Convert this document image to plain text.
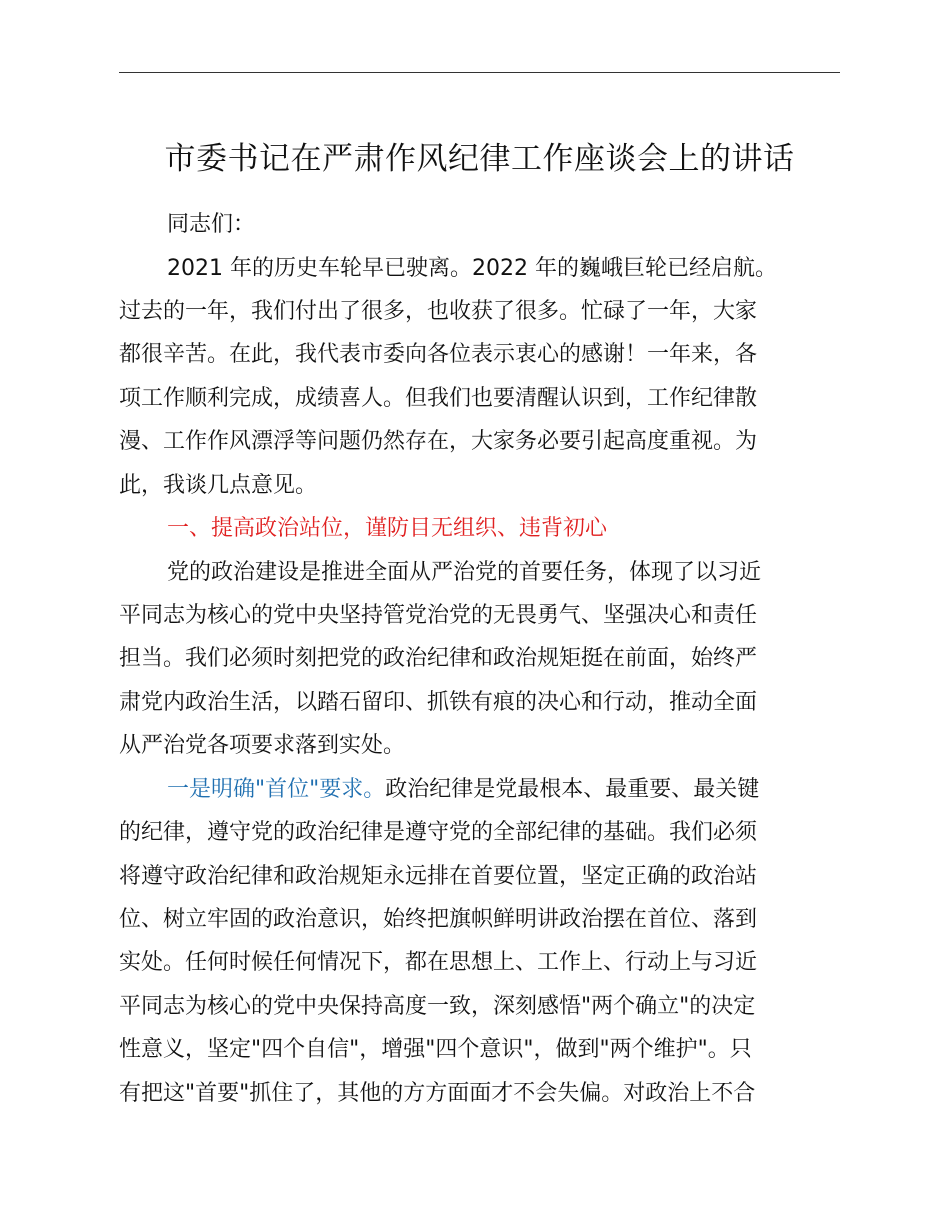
市委书记在严肃作风纪律工作座谈会上的讲话
同志们：
2021 年的历史车轮早已驶离。2022 年的巍峨巨轮已经启航。
过去的一年，我们付出了很多，也收获了很多。忙碌了一年，大家
都很辛苦。在此，我代表市委向各位表示衷心的感谢！一年来，各
项工作顺利完成，成绩喜人。但我们也要清醒认识到，工作纪律散
漫、工作作风漂浮等问题仍然存在，大家务必要引起高度重视。为
此，我谈几点意见。
一、提高政治站位，谨防目无组织、违背初心
党的政治建设是推进全面从严治党的首要任务，体现了以习近
平同志为核心的党中央坚持管党治党的无畏勇气、坚强决心和责任
担当。我们必须时刻把党的政治纪律和政治规矩挺在前面，始终严
肃党内政治生活，以踏石留印、抓铁有痕的决心和行动，推动全面
从严治党各项要求落到实处。
一是明确"首位"要求。政治纪律是党最根本、最重要、最关键
的纪律，遵守党的政治纪律是遵守党的全部纪律的基础。我们必须
将遵守政治纪律和政治规矩永远排在首要位置，坚定正确的政治站
位、树立牢固的政治意识，始终把旗帜鲜明讲政治摆在首位、落到
实处。任何时候任何情况下，都在思想上、工作上、行动上与习近
平同志为核心的党中央保持高度一致，深刻感悟"两个确立"的决定
性意义，坚定"四个自信"，增强"四个意识"，做到"两个维护"。只
有把这"首要"抓住了，其他的方方面面才不会失偏。对政治上不合
